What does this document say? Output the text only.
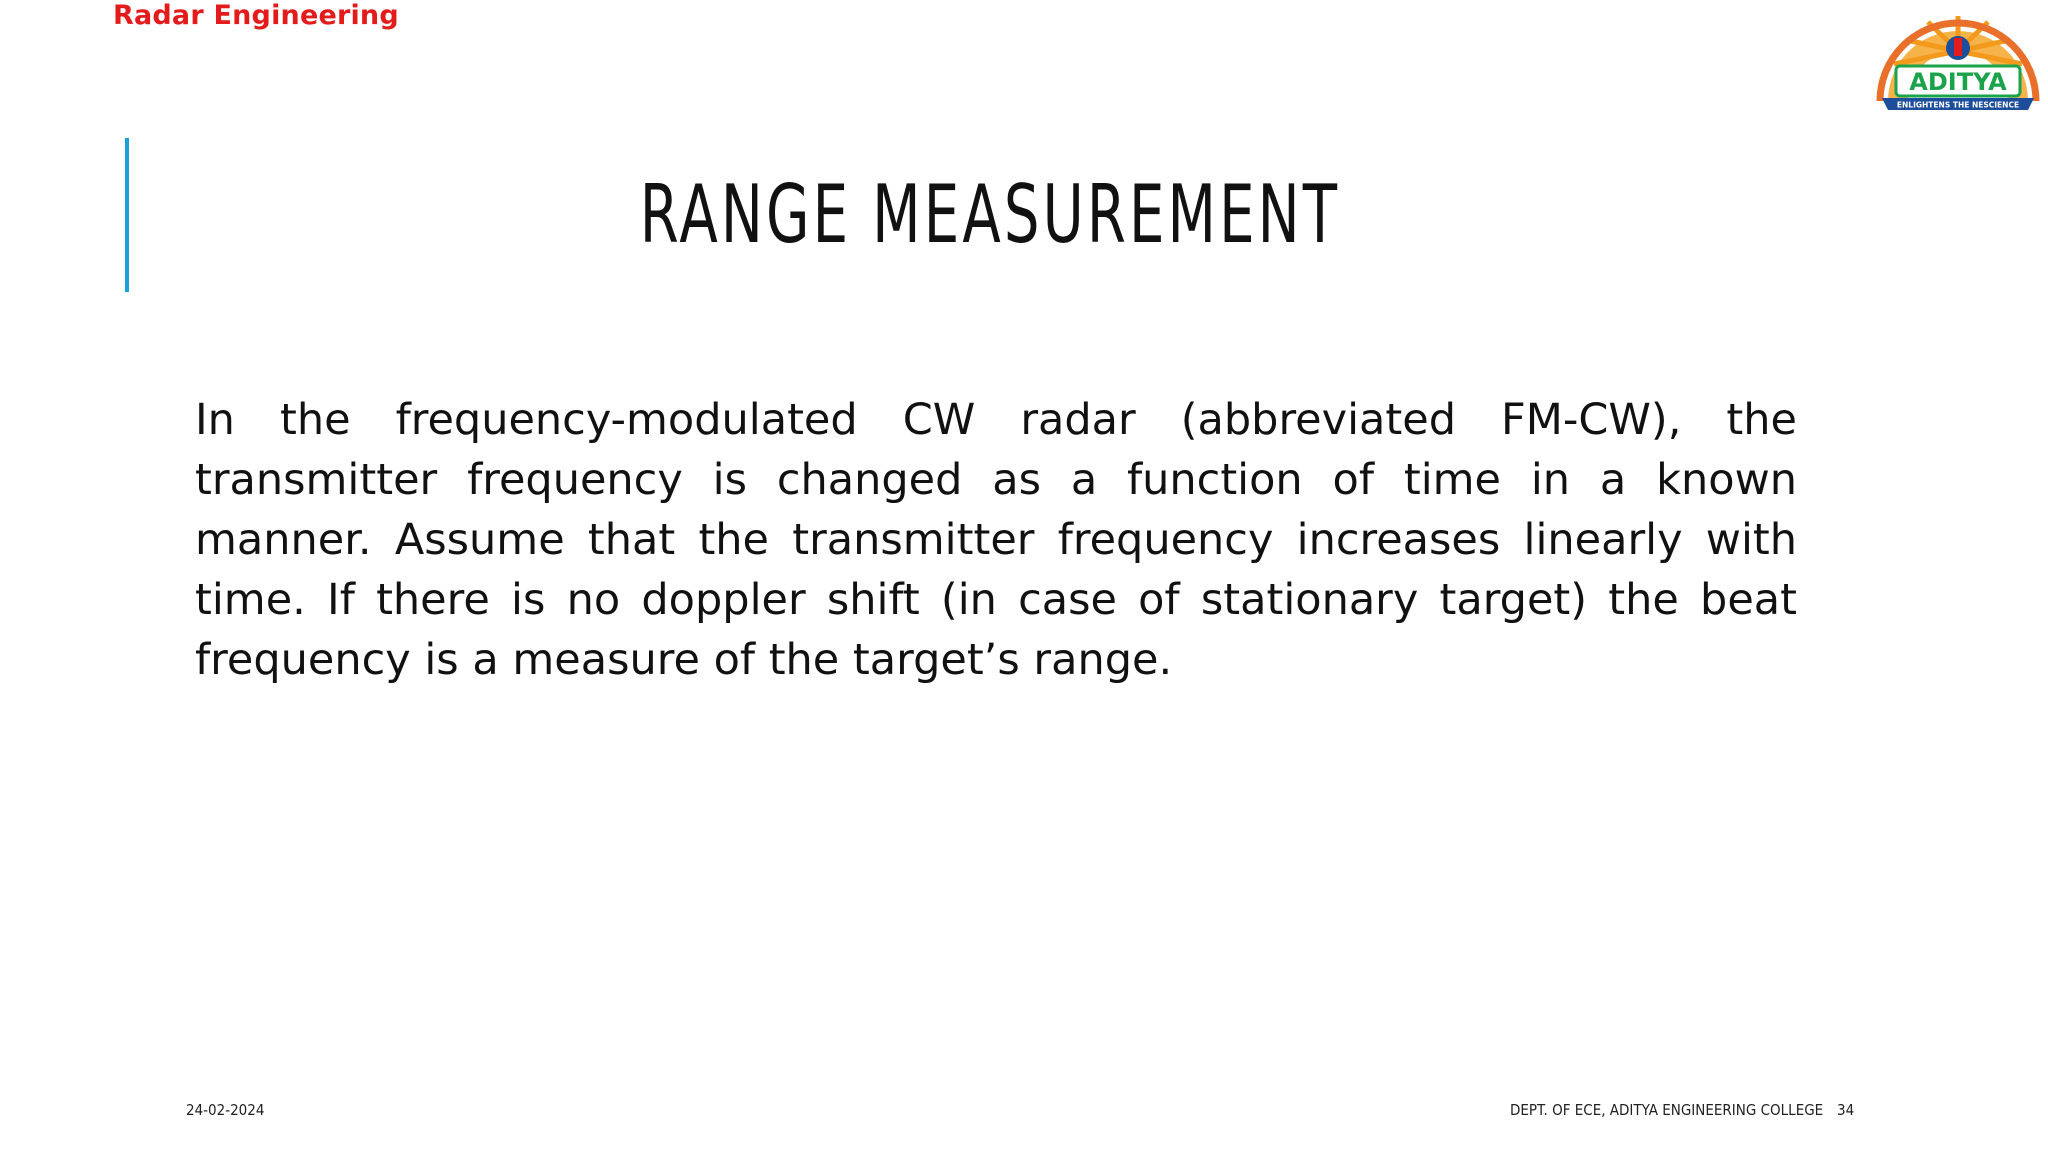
Radar Engineering
ADITYA
ENLIGHTENS THE NESCIENCE
RANGE MEASUREMENT

In the frequency-modulated CW radar (abbreviated FM-CW), the transmitter frequency is changed as a function of time in a known manner. Assume that the transmitter frequency increases linearly with time. If there is no doppler shift (in case of stationary target) the beat frequency is a measure of the target’s range.

24-02-2024	DEPT. OF ECE, ADITYA ENGINEERING COLLEGE 34
